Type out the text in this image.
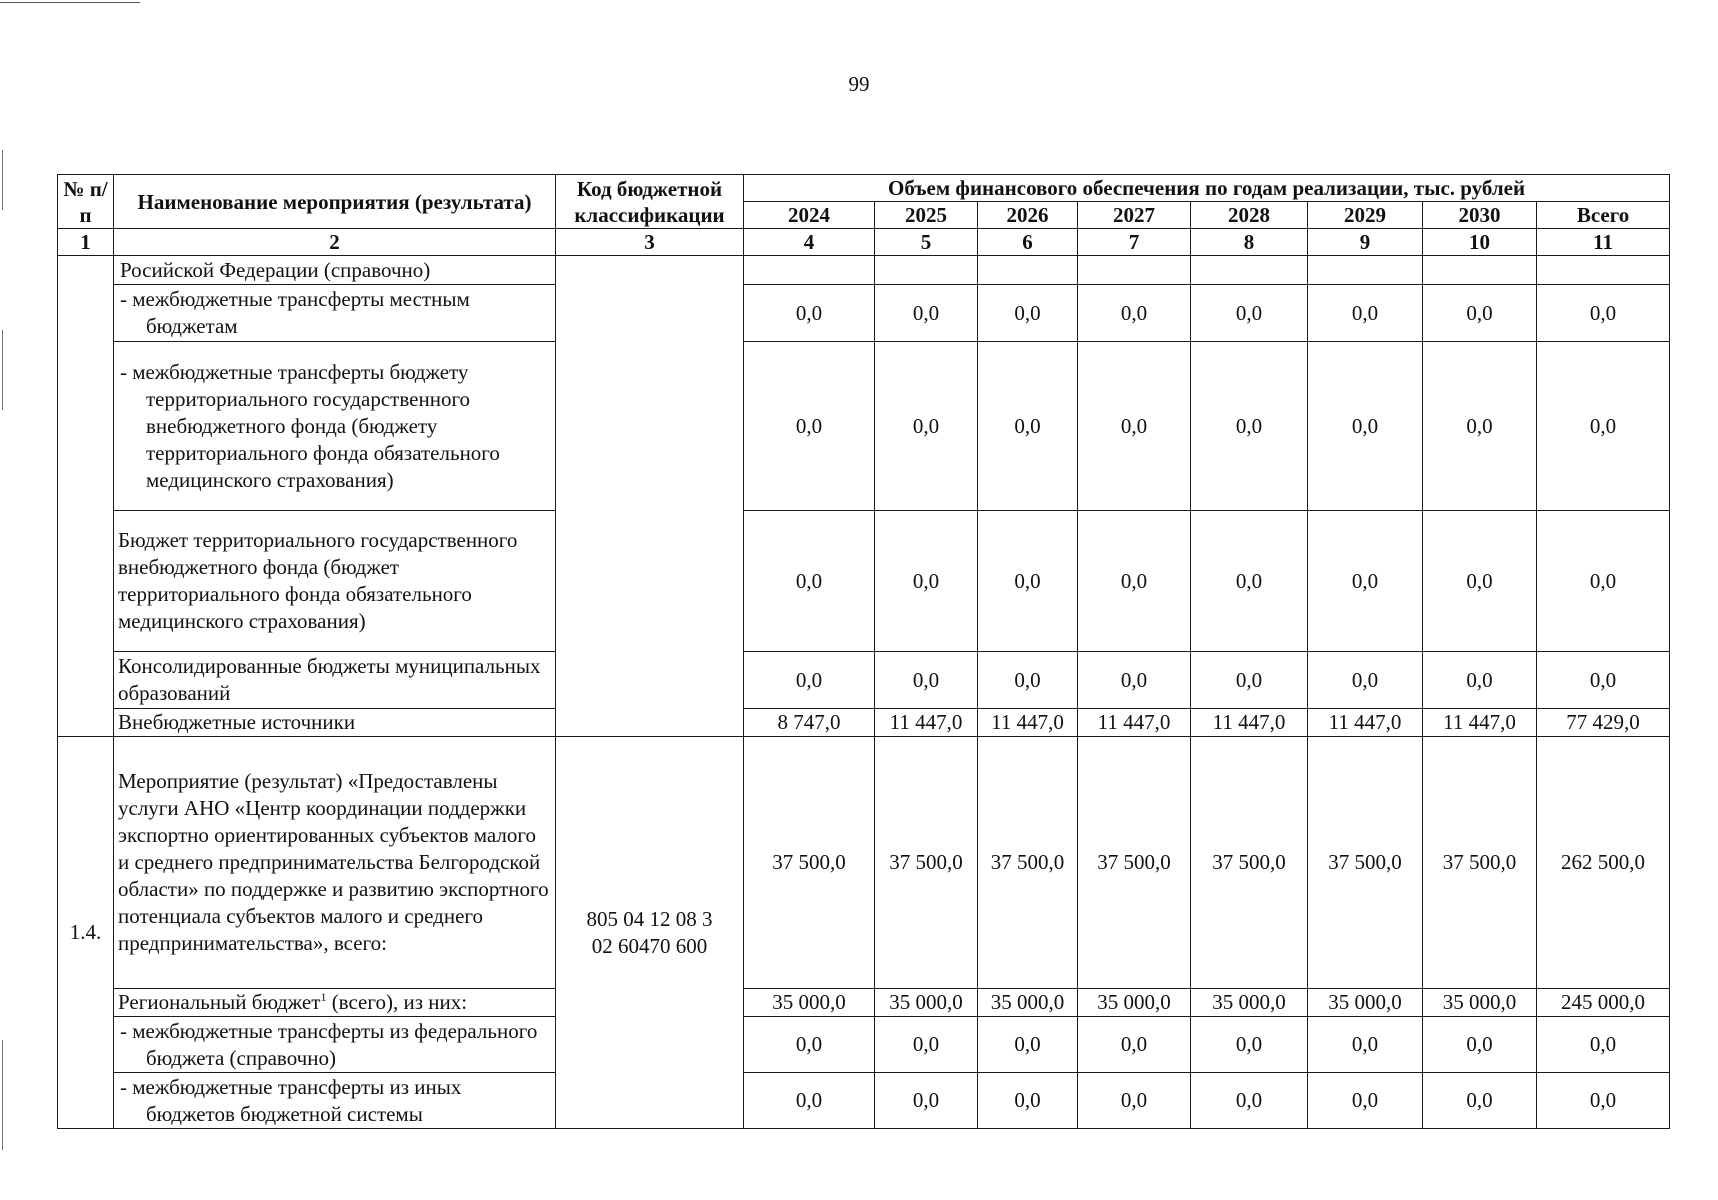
99
№ п/п	Наименование мероприятия (результата)	Код бюджетной классификации	Объем финансового обеспечения по годам реализации, тыс. рублей							
			2024	2025	2026	2027	2028	2029	2030	Всего
1	2	3	4	5	6	7	8	9	10	11
	Росийской Федерации (справочно)									
	- межбюджетные трансферты местным бюджетам		0,0	0,0	0,0	0,0	0,0	0,0	0,0	0,0
	- межбюджетные трансферты бюджету территориального государственного внебюджетного фонда (бюджету территориального фонда обязательного медицинского страхования)		0,0	0,0	0,0	0,0	0,0	0,0	0,0	0,0
	Бюджет территориального государственного внебюджетного фонда (бюджет территориального фонда обязательного медицинского страхования)		0,0	0,0	0,0	0,0	0,0	0,0	0,0	0,0
	Консолидированные бюджеты муниципальных образований		0,0	0,0	0,0	0,0	0,0	0,0	0,0	0,0
	Внебюджетные источники		8 747,0	11 447,0	11 447,0	11 447,0	11 447,0	11 447,0	11 447,0	77 429,0
1.4.	Мероприятие (результат) «Предоставлены услуги АНО «Центр координации поддержки экспортно ориентированных субъектов малого и среднего предпринимательства Белгородской области» по поддержке и развитию экспортного потенциала субъектов малого и среднего предпринимательства», всего:	805 04 12 08 3 02 60470 600	37 500,0	37 500,0	37 500,0	37 500,0	37 500,0	37 500,0	37 500,0	262 500,0
	Региональный бюджет$^1$ (всего), из них:		35 000,0	35 000,0	35 000,0	35 000,0	35 000,0	35 000,0	35 000,0	245 000,0
	- межбюджетные трансферты из федерального бюджета (справочно)		0,0	0,0	0,0	0,0	0,0	0,0	0,0	0,0
	- межбюджетные трансферты из иных бюджетов бюджетной системы		0,0	0,0	0,0	0,0	0,0	0,0	0,0	0,0
